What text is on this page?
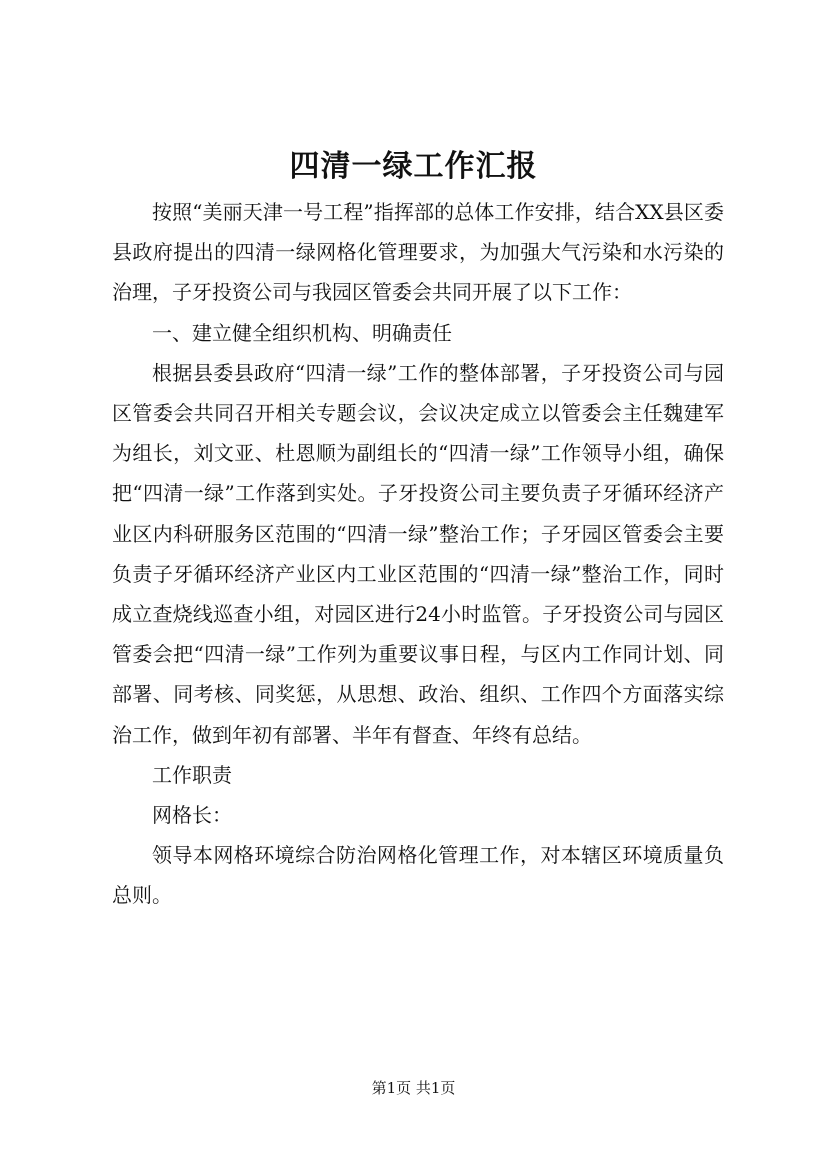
四清一绿工作汇报

按照“美丽天津一号工程”指挥部的总体工作安排，结合XX县区委县政府提出的四清一绿网格化管理要求，为加强大气污染和水污染的治理，子牙投资公司与我园区管委会共同开展了以下工作：

一、建立健全组织机构、明确责任

根据县委县政府“四清一绿”工作的整体部署，子牙投资公司与园区管委会共同召开相关专题会议，会议决定成立以管委会主任魏建军为组长，刘文亚、杜恩顺为副组长的“四清一绿”工作领导小组，确保把“四清一绿”工作落到实处。子牙投资公司主要负责子牙循环经济产业区内科研服务区范围的“四清一绿”整治工作；子牙园区管委会主要负责子牙循环经济产业区内工业区范围的“四清一绿”整治工作，同时成立查烧线巡查小组，对园区进行24小时监管。子牙投资公司与园区管委会把“四清一绿”工作列为重要议事日程，与区内工作同计划、同部署、同考核、同奖惩，从思想、政治、组织、工作四个方面落实综治工作，做到年初有部署、半年有督查、年终有总结。

工作职责

网格长：

领导本网格环境综合防治网格化管理工作，对本辖区环境质量负总则。

第1页 共1页
